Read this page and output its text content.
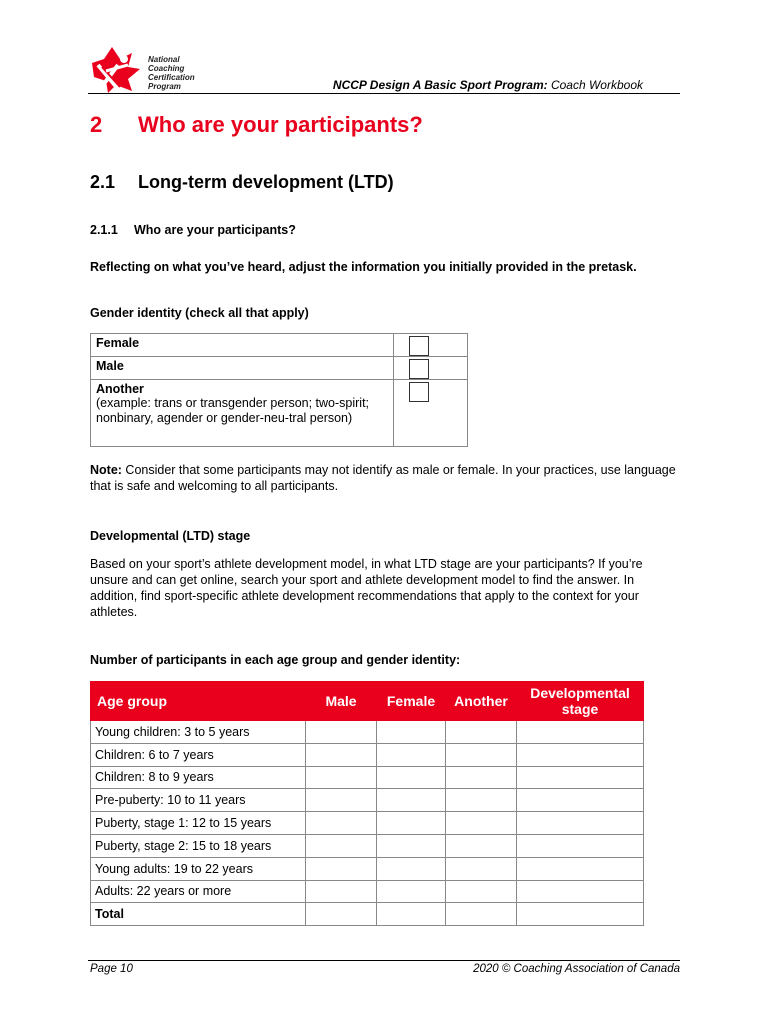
National
Coaching
Certification
Program	NCCP Design A Basic Sport Program: Coach Workbook
2 Who are your participants?
2.1 Long-term development (LTD)
2.1.1 Who are your participants?
Reflecting on what you’ve heard, adjust the information you initially provided in the pretask.
Gender identity (check all that apply)
Female	

Male	

Another
(example: trans or transgender person; two-spirit; nonbinary, agender or gender-neu-tral person)	

Note: Consider that some participants may not identify as male or female. In your practices, use language that is safe and welcoming to all participants.
Developmental (LTD) stage
Based on your sport’s athlete development model, in what LTD stage are your participants? If you’re unsure and can get online, search your sport and athlete development model to find the answer. In addition, find sport-specific athlete development recommendations that apply to the context for your athletes.
Number of participants in each age group and gender identity:
Age group	Male	Female	Another	Developmental stage
Young children: 3 to 5 years				
Children: 6 to 7 years				
Children: 8 to 9 years				
Pre-puberty: 10 to 11 years				
Puberty, stage 1: 12 to 15 years				
Puberty, stage 2: 15 to 18 years				
Young adults: 19 to 22 years				
Adults: 22 years or more				
Total				
Page 10	2020 © Coaching Association of Canada
